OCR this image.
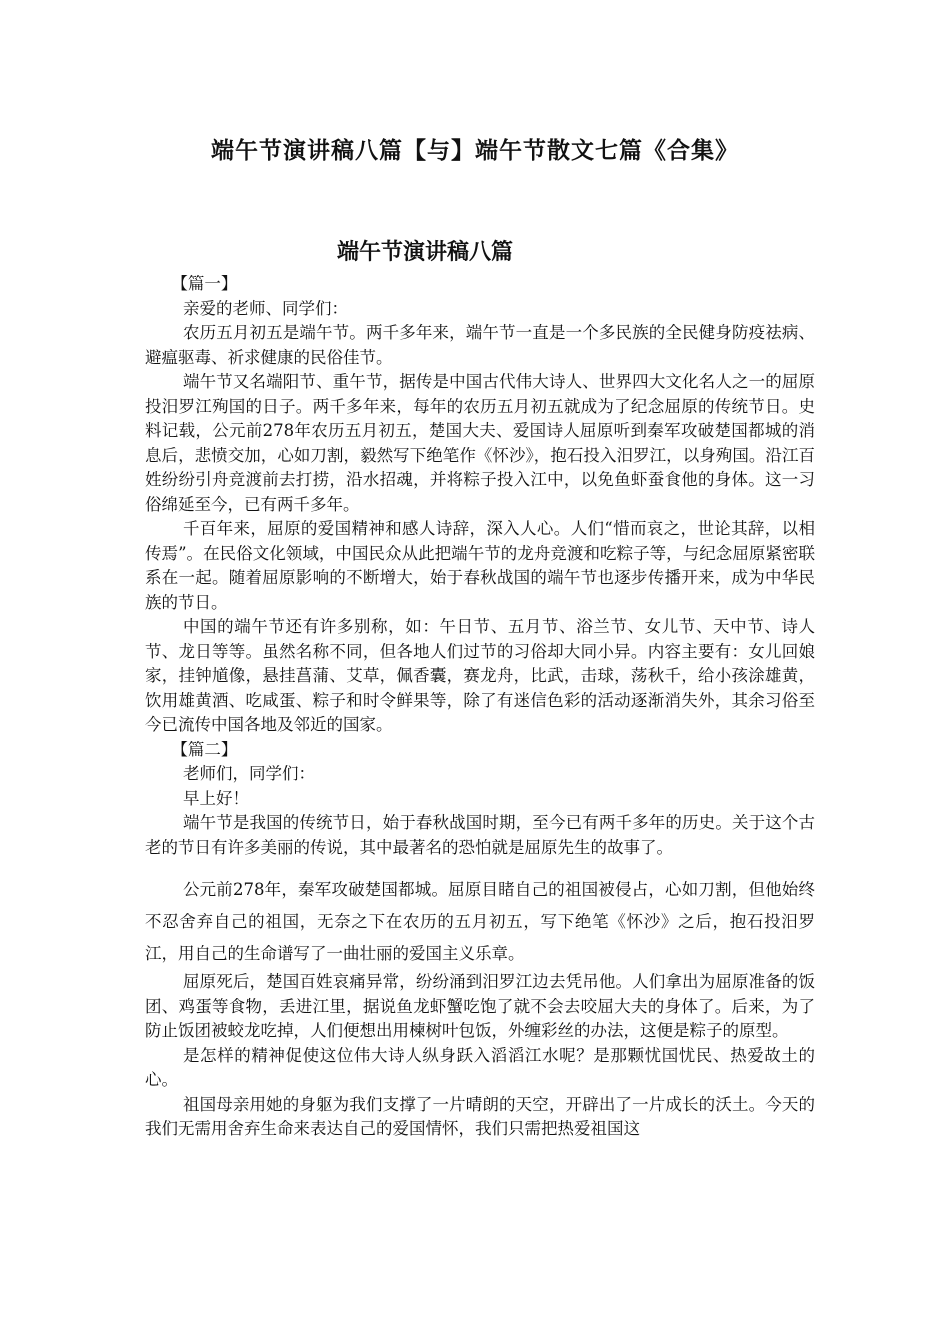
端午节演讲稿八篇【与】端午节散文七篇《合集》
端午节演讲稿八篇

【篇一】

亲爱的老师、同学们：

农历五月初五是端午节。两千多年来，端午节一直是一个多民族的全民健身防疫祛病、避瘟驱毒、祈求健康的民俗佳节。

端午节又名端阳节、重午节，据传是中国古代伟大诗人、世界四大文化名人之一的屈原投汨罗江殉国的日子。两千多年来，每年的农历五月初五就成为了纪念屈原的传统节日。史料记载，公元前278年农历五月初五，楚国大夫、爱国诗人屈原听到秦军攻破楚国都城的消息后，悲愤交加，心如刀割，毅然写下绝笔作《怀沙》，抱石投入汨罗江，以身殉国。沿江百姓纷纷引舟竞渡前去打捞，沿水招魂，并将粽子投入江中，以免鱼虾蚕食他的身体。这一习俗绵延至今，已有两千多年。

千百年来，屈原的爱国精神和感人诗辞，深入人心。人们“惜而哀之，世论其辞，以相传焉”。在民俗文化领域，中国民众从此把端午节的龙舟竞渡和吃粽子等，与纪念屈原紧密联系在一起。随着屈原影响的不断增大，始于春秋战国的端午节也逐步传播开来，成为中华民族的节日。

中国的端午节还有许多别称，如：午日节、五月节、浴兰节、女儿节、天中节、诗人节、龙日等等。虽然名称不同，但各地人们过节的习俗却大同小异。内容主要有：女儿回娘家，挂钟馗像，悬挂菖蒲、艾草，佩香囊，赛龙舟，比武，击球，荡秋千，给小孩涂雄黄，饮用雄黄酒、吃咸蛋、粽子和时令鲜果等，除了有迷信色彩的活动逐渐消失外，其余习俗至今已流传中国各地及邻近的国家。

【篇二】

老师们，同学们：

早上好！

端午节是我国的传统节日，始于春秋战国时期，至今已有两千多年的历史。关于这个古老的节日有许多美丽的传说，其中最著名的恐怕就是屈原先生的故事了。

公元前278年，秦军攻破楚国都城。屈原目睹自己的祖国被侵占，心如刀割，但他始终不忍舍弃自己的祖国，无奈之下在农历的五月初五，写下绝笔《怀沙》之后，抱石投汨罗江，用自己的生命谱写了一曲壮丽的爱国主义乐章。

屈原死后，楚国百姓哀痛异常，纷纷涌到汨罗江边去凭吊他。人们拿出为屈原准备的饭团、鸡蛋等食物，丢进江里，据说鱼龙虾蟹吃饱了就不会去咬屈大夫的身体了。后来，为了防止饭团被蛟龙吃掉，人们便想出用楝树叶包饭，外缠彩丝的办法，这便是粽子的原型。

是怎样的精神促使这位伟大诗人纵身跃入滔滔江水呢？是那颗忧国忧民、热爱故土的心。

祖国母亲用她的身躯为我们支撑了一片晴朗的天空，开辟出了一片成长的沃土。今天的我们无需用舍弃生命来表达自己的爱国情怀，我们只需把热爱祖国这
